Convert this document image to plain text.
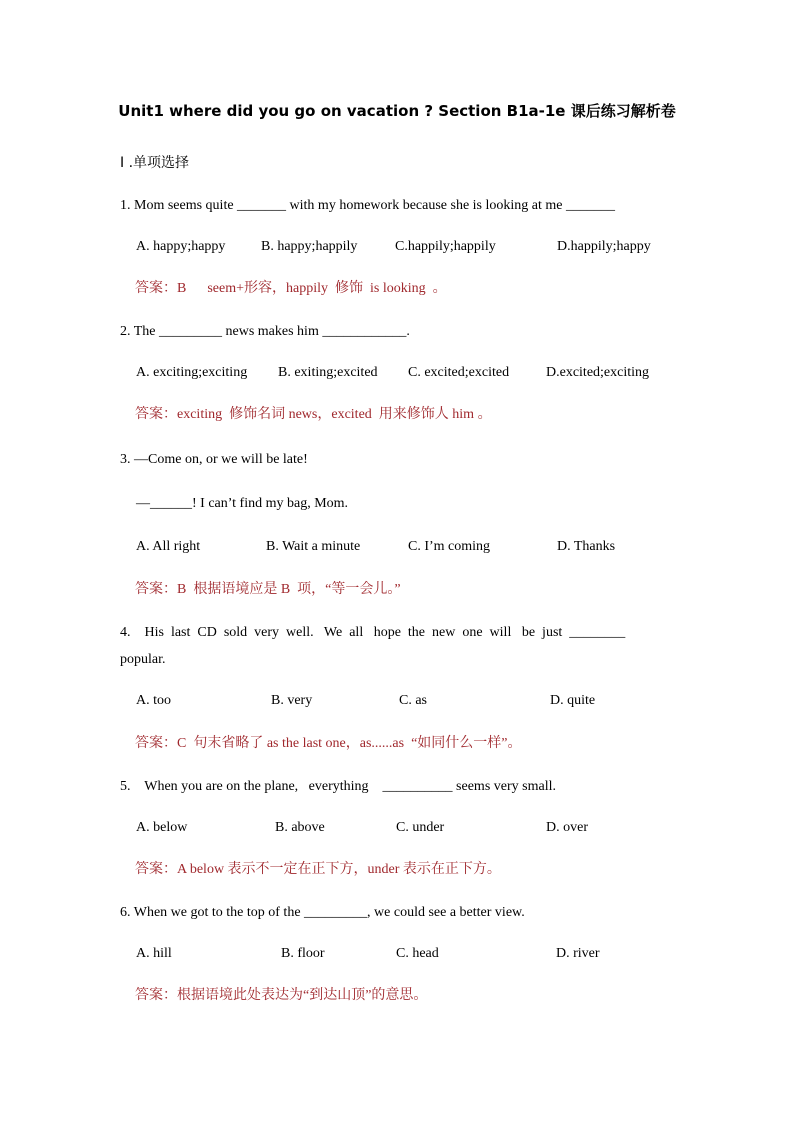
Unit1 where did you go on vacation ? Section B1a-1e 课后练习解析卷
Ⅰ .单项选择
1. Mom seems quite _______ with my homework because she is looking at me _______
A. happy;happy	B. happy;happily	C.happily;happily	D.happily;happy
答案：B      seem+形容，happily  修饰  is looking  。
2. The _________ news makes him ____________.
A. exciting;exciting B. exiting;excited C. excited;excited	D.excited;exciting
答案：exciting  修饰名词 news，excited  用来修饰人 him 。
3. —Come on, or we will be late!
—______! I can’t find my bag, Mom.
A. All right	B. Wait a minute	C. I’m coming	D. Thanks
答案：B  根据语境应是 B  项，“等一会儿。”
4.    His  last  CD  sold  very  well.   We  all   hope  the  new  one  will   be  just  ________
popular.
A. too	B. very	C. as	D. quite
答案：C  句末省略了 as the last one，as......as  “如同什么一样”。
5.    When you are on the plane,   everything    __________ seems very small.
A. below	B. above	C. under	D. over
答案：A below 表示不一定在正下方，under 表示在正下方。
6. When we got to the top of the _________, we could see a better view.
A. hill	B. floor	C. head	D. river
答案：根据语境此处表达为“到达山顶”的意思。
